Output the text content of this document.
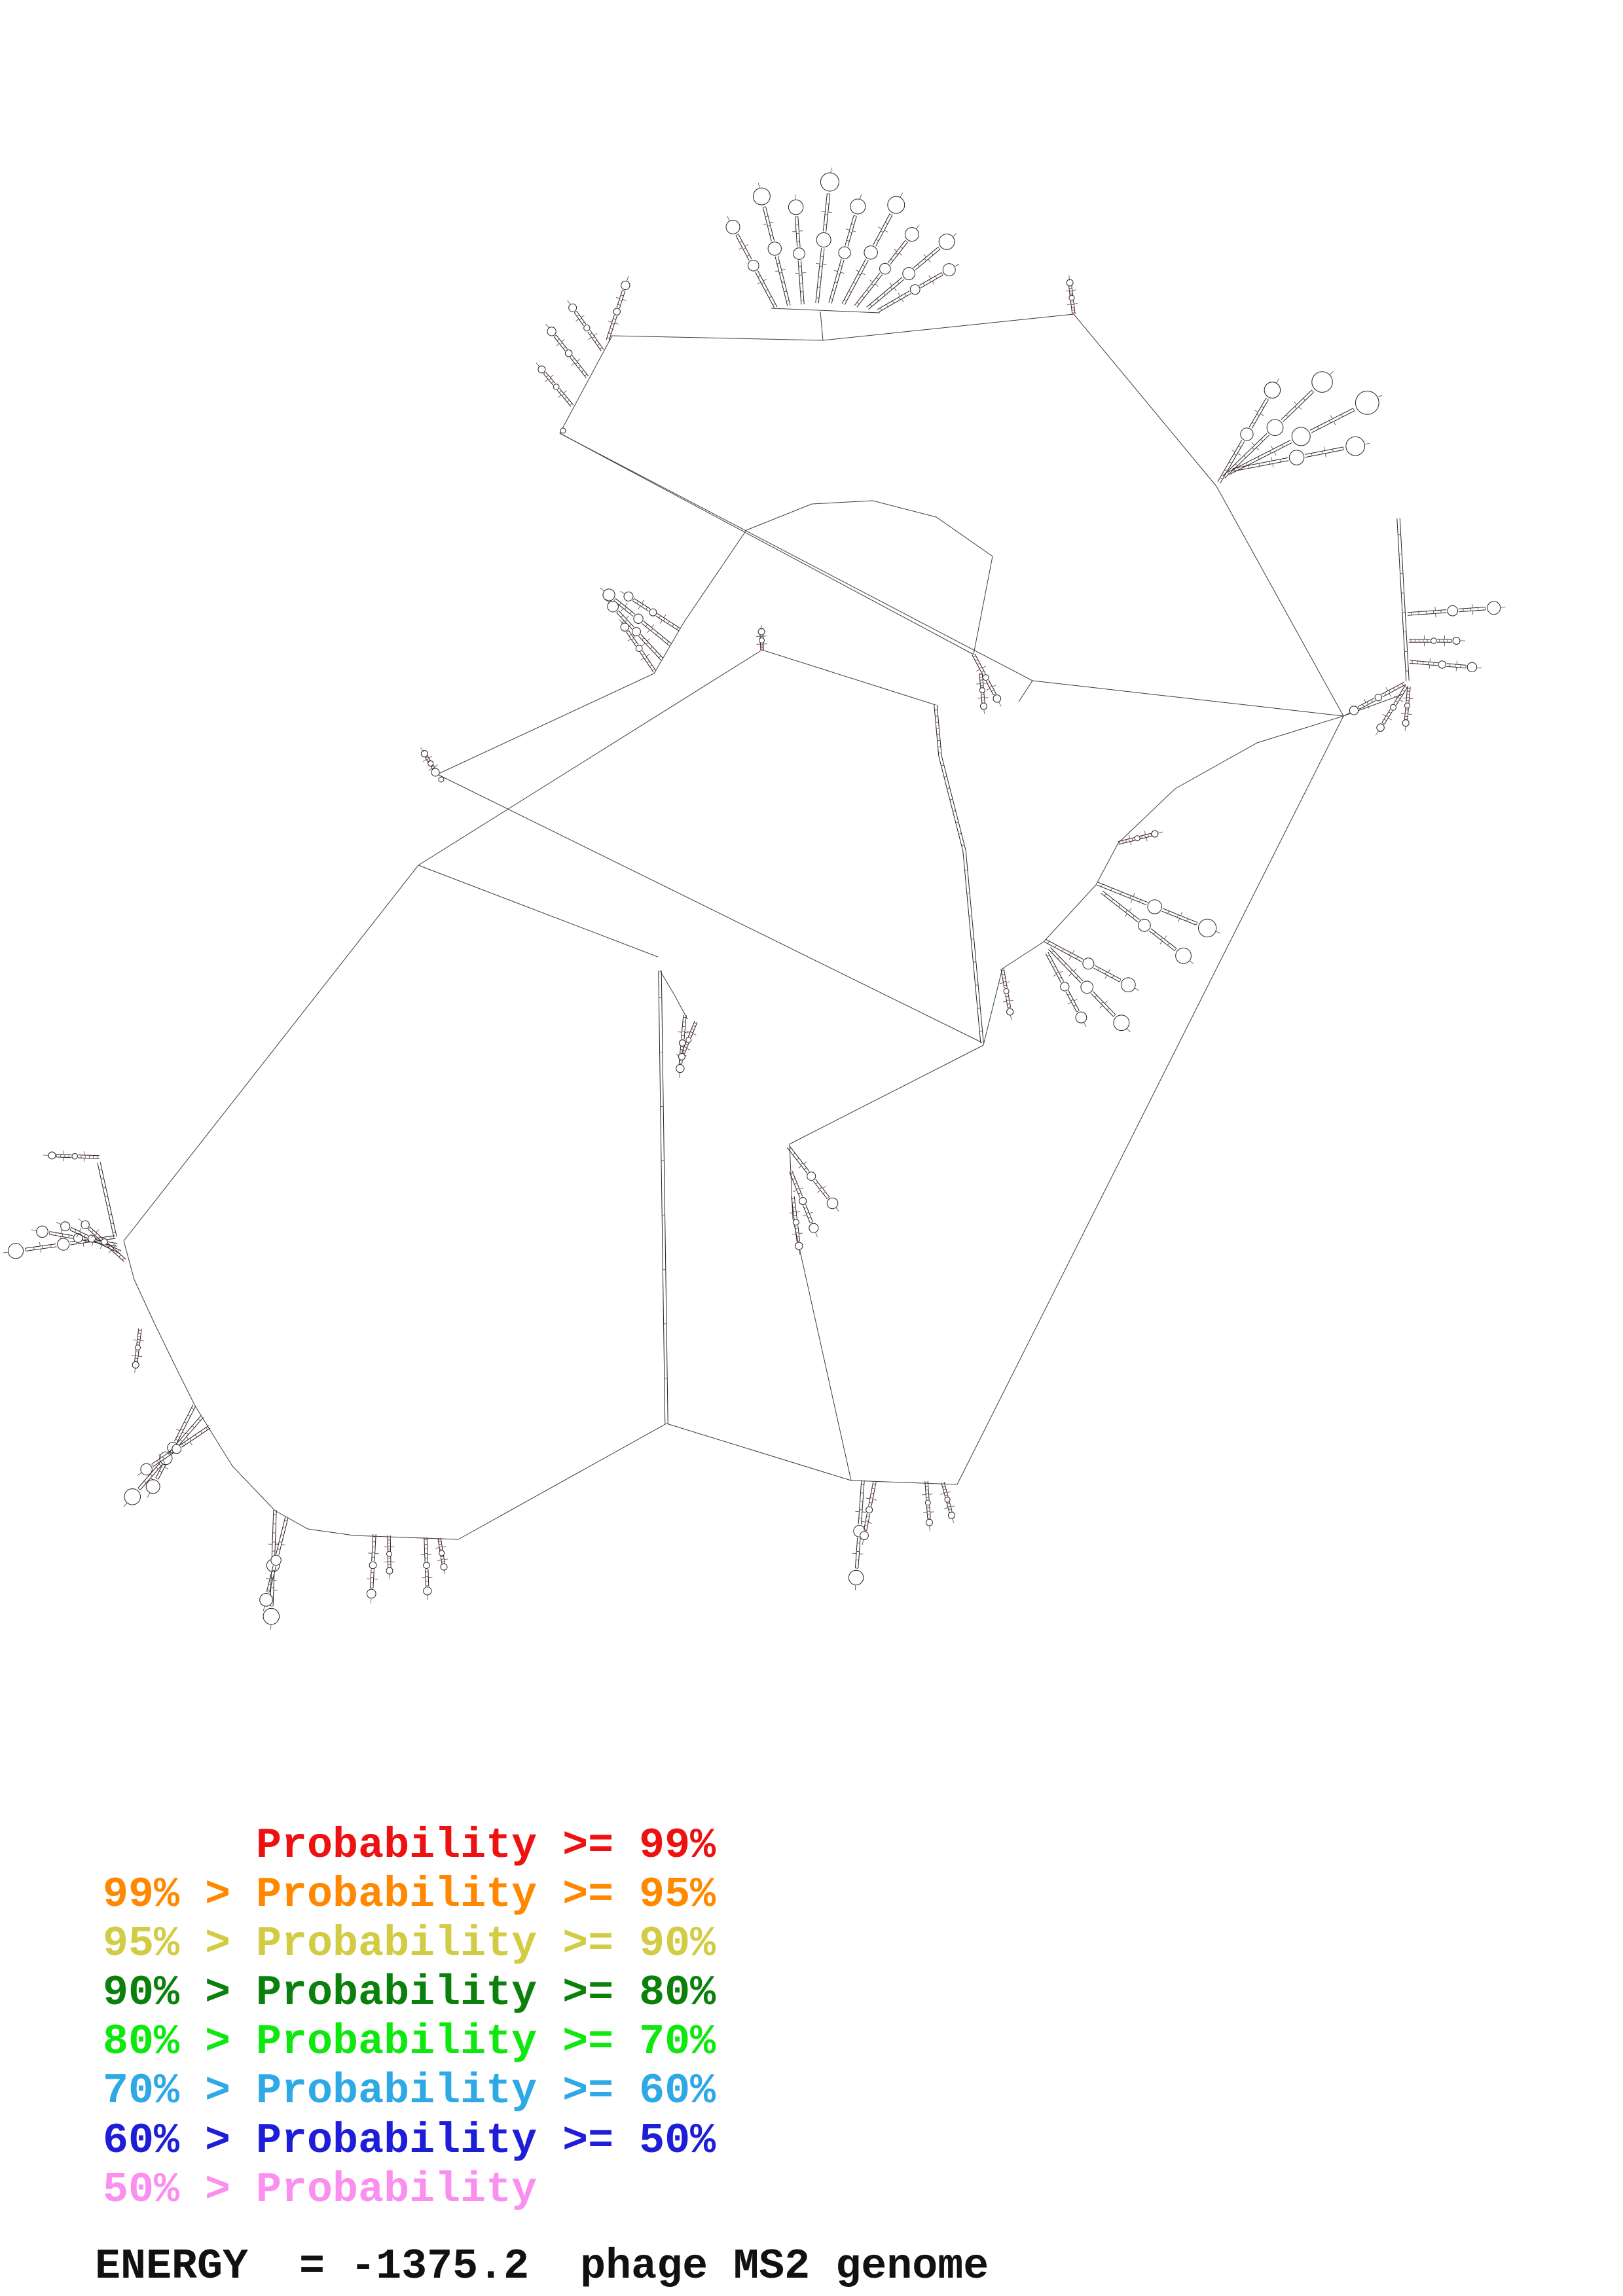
Probability >= 99%
99% > Probability >= 95%
95% > Probability >= 90%
90% > Probability >= 80%
80% > Probability >= 70%
70% > Probability >= 60%
60% > Probability >= 50%
50% > Probability
ENERGY  = -1375.2  phage MS2 genome
